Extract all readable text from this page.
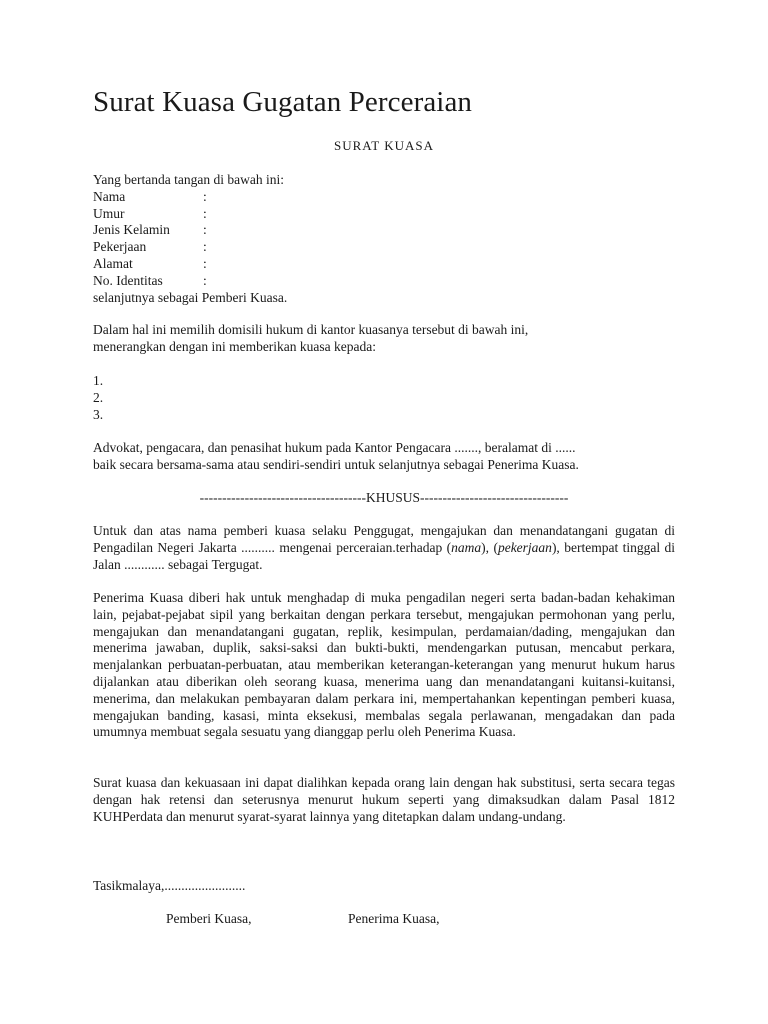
Surat Kuasa Gugatan Perceraian
SURAT KUASA
Yang bertanda tangan di bawah ini:
Nama	:
Umur	:
Jenis Kelamin	:
Pekerjaan	:
Alamat	:
No. Identitas	:
selanjutnya sebagai Pemberi Kuasa.
Dalam hal ini memilih domisili hukum di kantor kuasanya tersebut di bawah ini,
menerangkan dengan ini memberikan kuasa kepada:
1.
2.
3.
Advokat, pengacara, dan penasihat hukum pada Kantor Pengacara ......., beralamat di ......
baik secara bersama-sama atau sendiri-sendiri untuk selanjutnya sebagai Penerima Kuasa.
-------------------------------------KHUSUS---------------------------------
Untuk dan atas nama pemberi kuasa selaku Penggugat, mengajukan dan menandatangani gugatan di Pengadilan Negeri Jakarta .......... mengenai perceraian.terhadap (nama), (pekerjaan), bertempat tinggal di Jalan ............ sebagai Tergugat.
Penerima Kuasa diberi hak untuk menghadap di muka pengadilan negeri serta badan-badan kehakiman lain, pejabat-pejabat sipil yang berkaitan dengan perkara tersebut, mengajukan permohonan yang perlu, mengajukan dan menandatangani gugatan, replik, kesimpulan, perdamaian/dading, mengajukan dan menerima jawaban, duplik, saksi-saksi dan bukti-bukti, mendengarkan putusan, mencabut perkara, menjalankan perbuatan-perbuatan, atau memberikan keterangan-keterangan yang menurut hukum harus dijalankan atau diberikan oleh seorang kuasa, menerima uang dan menandatangani kuitansi-kuitansi, menerima, dan melakukan pembayaran dalam perkara ini, mempertahankan kepentingan pemberi kuasa, mengajukan banding, kasasi, minta eksekusi, membalas segala perlawanan, mengadakan dan pada umumnya membuat segala sesuatu yang dianggap perlu oleh Penerima Kuasa.
Surat kuasa dan kekuasaan ini dapat dialihkan kepada orang lain dengan hak substitusi, serta secara tegas dengan hak retensi dan seterusnya menurut hukum seperti yang dimaksudkan dalam Pasal 1812 KUHPerdata dan menurut syarat-syarat lainnya yang ditetapkan dalam undang-undang.
Tasikmalaya,........................
Pemberi Kuasa,	Penerima Kuasa,
